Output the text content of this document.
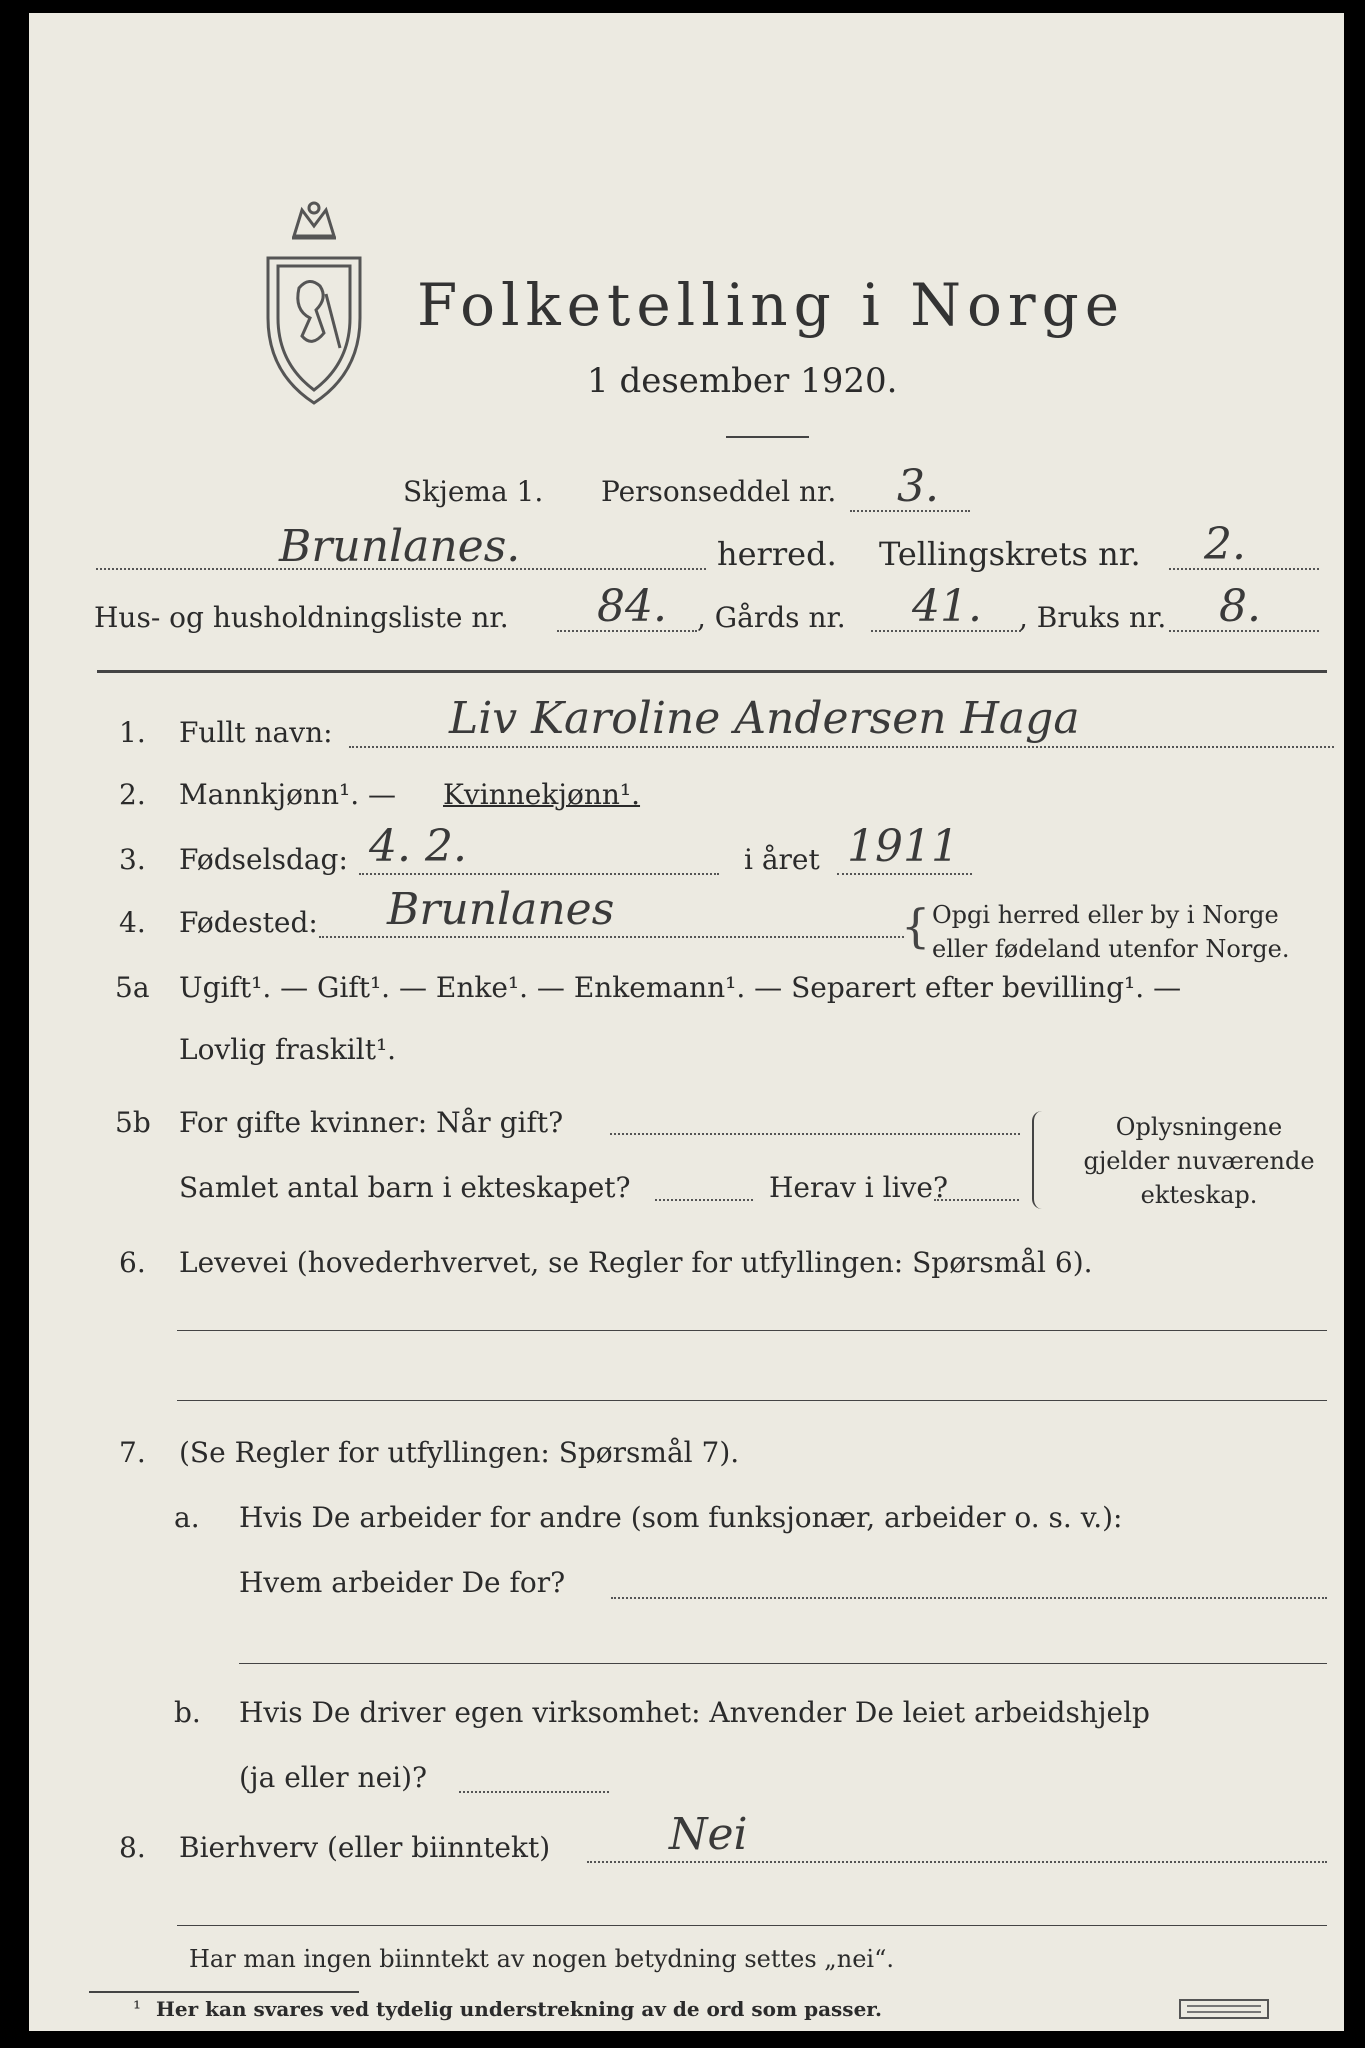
Folketelling i Norge
1 desember 1920.
Skjema 1. Personseddel nr. 3.
Brunlanes.	herred. Tellingskrets nr. 2.
Hus- og husholdningsliste nr. 84. , Gårds nr. 41. , Bruks nr. 8.
1. Fullt navn:	Liv Karoline Andersen Haga
2. Mannkjønn¹. — Kvinnekjønn¹.
3. Fødselsdag: 4. 2.	i året 1911
4. Fødested: Brunlanes	{ Opgi herred eller by i Norge
eller fødeland utenfor Norge.
5a Ugift¹. — Gift¹. — Enke¹. — Enkemann¹. — Separert efter bevilling¹. —
Lovlig fraskilt¹.
5b For gifte kvinner: Når gift?
Samlet antal barn i ekteskapet?	Herav i live?
Oplysningene
gjelder nuværende
ekteskap.
6. Levevei (hovederhvervet, se Regler for utfyllingen: Spørsmål 6).
7. (Se Regler for utfyllingen: Spørsmål 7).
a. Hvis De arbeider for andre (som funksjonær, arbeider o. s. v.):
Hvem arbeider De for?
b. Hvis De driver egen virksomhet: Anvender De leiet arbeidshjelp
(ja eller nei)?
8. Bierhverv (eller biinntekt)	Nei
Har man ingen biinntekt av nogen betydning settes „nei“.
¹ Her kan svares ved tydelig understrekning av de ord som passer.
